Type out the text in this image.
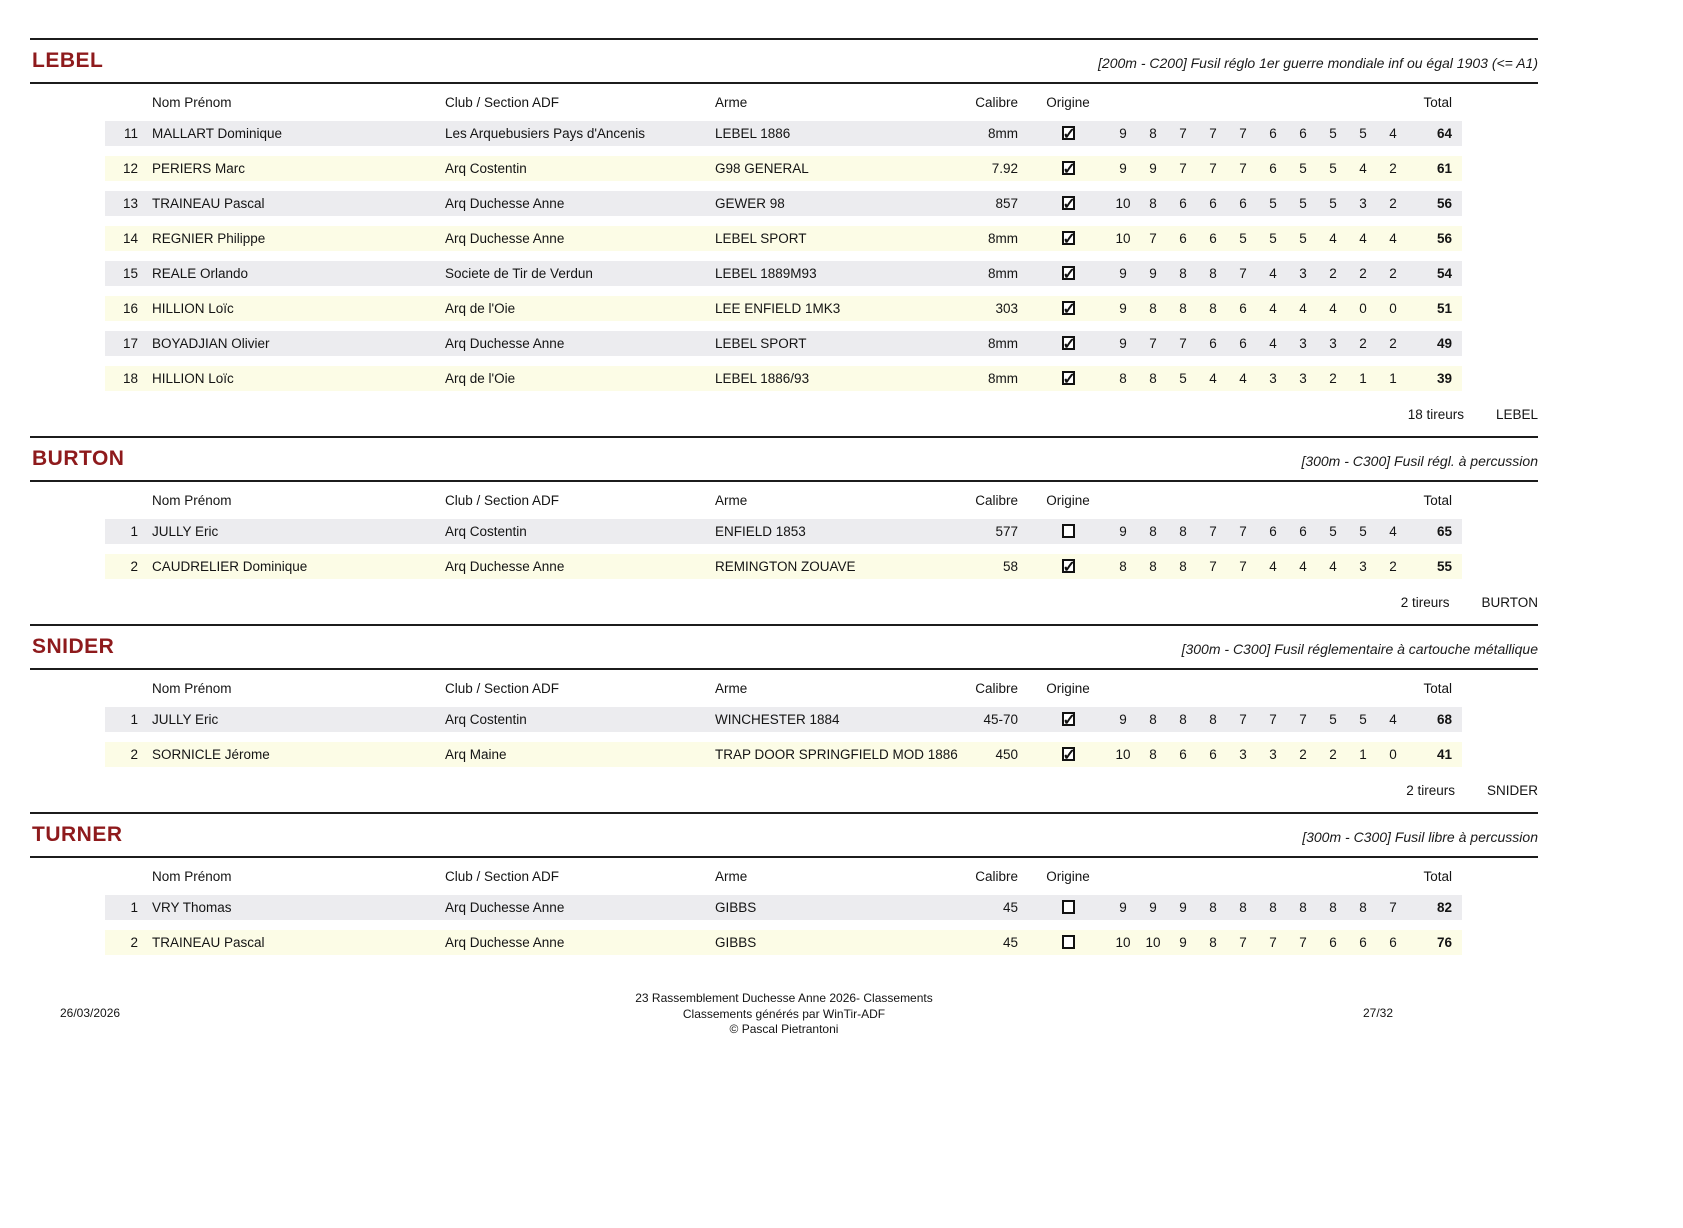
LEBEL	[200m - C200] Fusil réglo 1er guerre mondiale inf ou égal 1903 (<= A1)
	Nom Prénom	Club / Section ADF	Arme	Calibre	Origine											Total
11	MALLART Dominique	Les Arquebusiers Pays d'Ancenis	LEBEL 1886	8mm	✓	9	8	7	7	7	6	6	5	5	4	64
12	PERIERS Marc	Arq Costentin	G98 GENERAL	7.92	✓	9	9	7	7	7	6	5	5	4	2	61
13	TRAINEAU Pascal	Arq Duchesse Anne	GEWER 98	857	✓	10	8	6	6	6	5	5	5	3	2	56
14	REGNIER Philippe	Arq Duchesse Anne	LEBEL SPORT	8mm	✓	10	7	6	6	5	5	5	4	4	4	56
15	REALE Orlando	Societe de Tir de Verdun	LEBEL 1889M93	8mm	✓	9	9	8	8	7	4	3	2	2	2	54
16	HILLION Loïc	Arq de l'Oie	LEE ENFIELD 1MK3	303	✓	9	8	8	8	6	4	4	4	0	0	51
17	BOYADJIAN Olivier	Arq Duchesse Anne	LEBEL SPORT	8mm	✓	9	7	7	6	6	4	3	3	2	2	49
18	HILLION Loïc	Arq de l'Oie	LEBEL 1886/93	8mm	✓	8	8	5	4	4	3	3	2	1	1	39
18 tireurs LEBEL
BURTON	[300m - C300] Fusil régl. à percussion
	Nom Prénom	Club / Section ADF	Arme	Calibre	Origine											Total
1	JULLY Eric	Arq Costentin	ENFIELD 1853	577		9	8	8	7	7	6	6	5	5	4	65
2	CAUDRELIER Dominique	Arq Duchesse Anne	REMINGTON ZOUAVE	58	✓	8	8	8	7	7	4	4	4	3	2	55
2 tireurs BURTON
SNIDER	[300m - C300] Fusil réglementaire à cartouche métallique
	Nom Prénom	Club / Section ADF	Arme	Calibre	Origine											Total
1	JULLY Eric	Arq Costentin	WINCHESTER 1884	45-70	✓	9	8	8	8	7	7	7	5	5	4	68
2	SORNICLE Jérome	Arq Maine	TRAP DOOR SPRINGFIELD MOD 1886	450	✓	10	8	6	6	3	3	2	2	1	0	41
2 tireurs SNIDER
TURNER	[300m - C300] Fusil libre à percussion
	Nom Prénom	Club / Section ADF	Arme	Calibre	Origine											Total
1	VRY Thomas	Arq Duchesse Anne	GIBBS	45		9	9	9	8	8	8	8	8	8	7	82
2	TRAINEAU Pascal	Arq Duchesse Anne	GIBBS	45		10	10	9	8	7	7	7	6	6	6	76
26/03/2026
23 Rassemblement Duchesse Anne 2026- Classements
Classements générés par WinTir-ADF
© Pascal Pietrantoni
27/32
